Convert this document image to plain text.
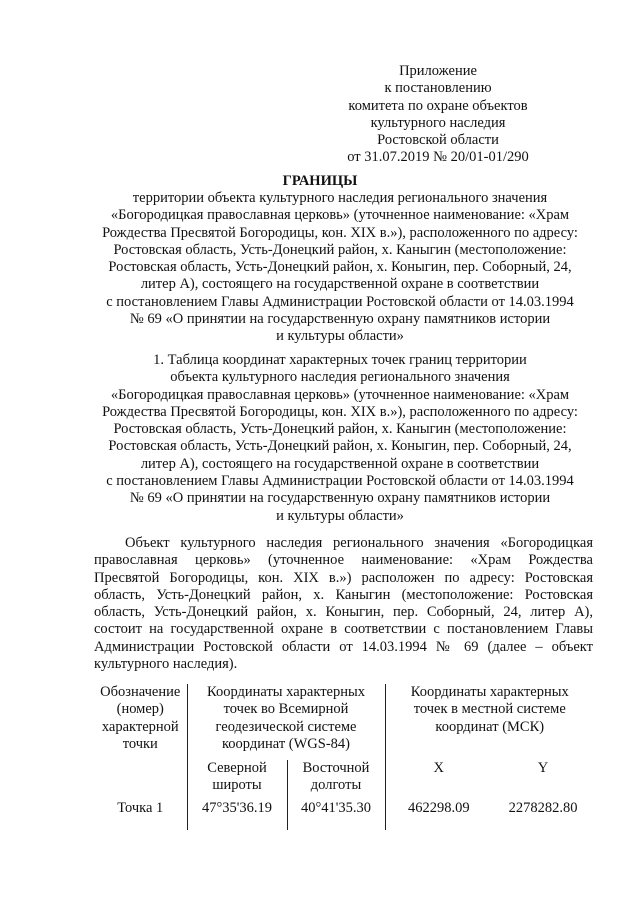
Приложение
к постановлению
комитета по охране объектов
культурного наследия
Ростовской области
от 31.07.2019 № 20/01-01/290
ГРАНИЦЫ
территории объекта культурного наследия регионального значения
«Богородицкая православная церковь» (уточненное наименование: «Храм
Рождества Пресвятой Богородицы, кон. XIX в.»), расположенного по адресу:
Ростовская область, Усть-Донецкий район, х. Каныгин (местоположение:
Ростовская область, Усть-Донецкий район, х. Коныгин, пер. Соборный, 24,
литер А), состоящего на государственной охране в соответствии
с постановлением Главы Администрации Ростовской области от 14.03.1994
№ 69 «О принятии на государственную охрану памятников истории
и культуры области»
1. Таблица координат характерных точек границ территории
объекта культурного наследия регионального значения
«Богородицкая православная церковь» (уточненное наименование: «Храм
Рождества Пресвятой Богородицы, кон. XIX в.»), расположенного по адресу:
Ростовская область, Усть-Донецкий район, х. Каныгин (местоположение:
Ростовская область, Усть-Донецкий район, х. Коныгин, пер. Соборный, 24,
литер А), состоящего на государственной охране в соответствии
с постановлением Главы Администрации Ростовской области от 14.03.1994
№ 69 «О принятии на государственную охрану памятников истории
и культуры области»
Объект культурного наследия регионального значения «Богородицкая православная церковь» (уточненное наименование: «Храм Рождества Пресвятой Богородицы, кон. XIX в.») расположен по адресу: Ростовская область, Усть-Донецкий район, х. Каныгин (местоположение: Ростовская область, Усть-Донецкий район, х. Коныгин, пер. Соборный, 24, литер А), состоит на государственной охране в соответствии с постановлением Главы Администрации Ростовской области от 14.03.1994 № 69 (далее – объект культурного наследия).
Обозначение (номер) характерной точки	Координаты характерных точек во Всемирной геодезической системе координат (WGS-84)		Координаты характерных точек в местной системе координат (МСК)	

	Северной широты	Восточной долготы	X	Y
Точка 1	47°35'36.19	40°41'35.30	462298.09	2278282.80
